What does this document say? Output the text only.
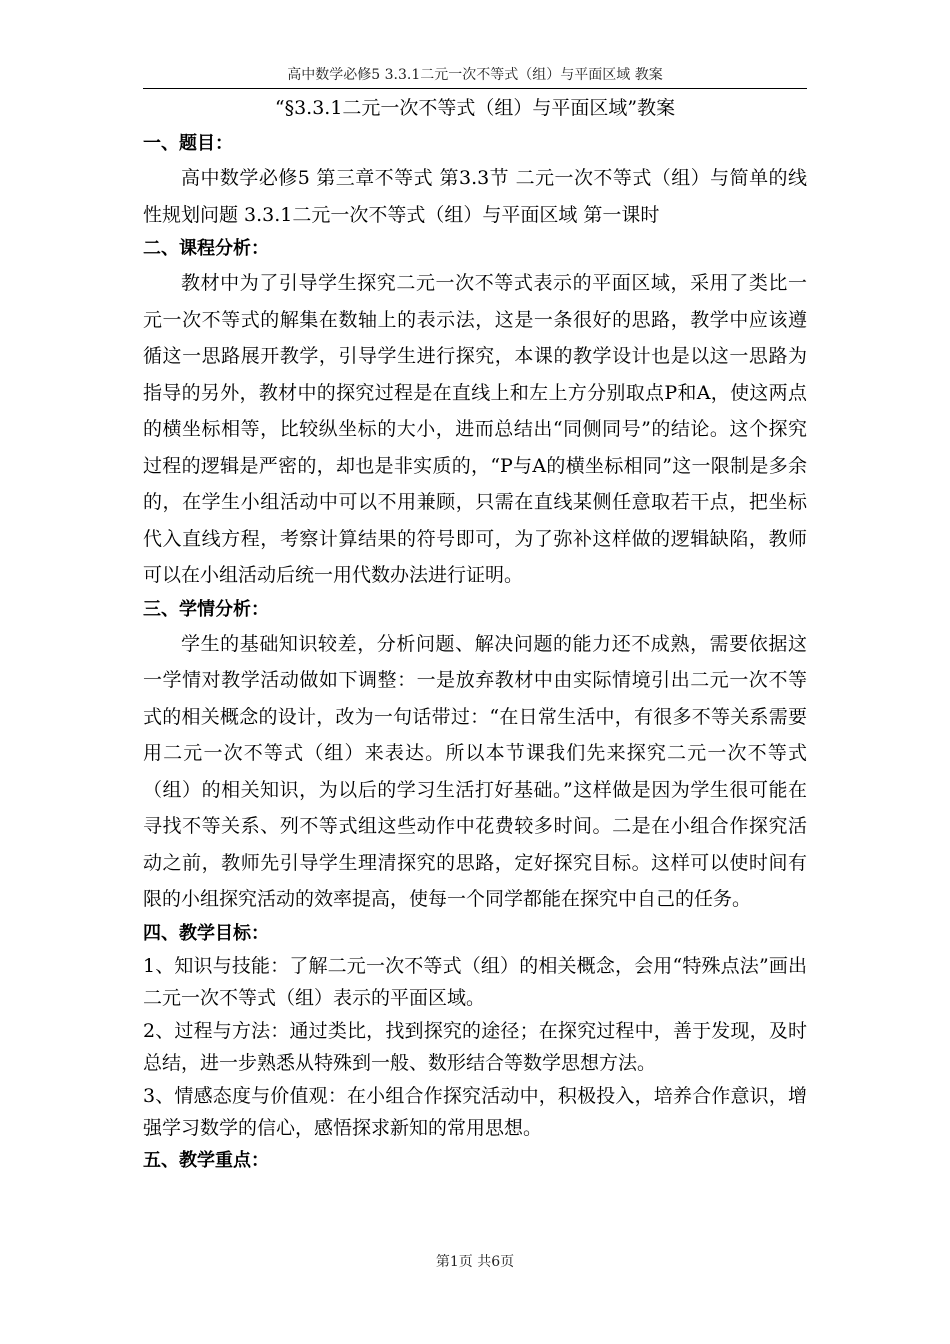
高中数学必修5 3.3.1二元一次不等式（组）与平面区域 教案
“§3.3.1二元一次不等式（组）与平面区域”教案
一、题目：

高中数学必修5 第三章不等式 第3.3节 二元一次不等式（组）与简单的线性规划问题 3.3.1二元一次不等式（组）与平面区域 第一课时

二、课程分析：

教材中为了引导学生探究二元一次不等式表示的平面区域，采用了类比一元一次不等式的解集在数轴上的表示法，这是一条很好的思路，教学中应该遵循这一思路展开教学，引导学生进行探究，本课的教学设计也是以这一思路为指导的另外，教材中的探究过程是在直线上和左上方分别取点P和A，使这两点的横坐标相等，比较纵坐标的大小，进而总结出“同侧同号”的结论。这个探究过程的逻辑是严密的，却也是非实质的，“P与A的横坐标相同”这一限制是多余的，在学生小组活动中可以不用兼顾，只需在直线某侧任意取若干点，把坐标代入直线方程，考察计算结果的符号即可，为了弥补这样做的逻辑缺陷，教师可以在小组活动后统一用代数办法进行证明。

三、学情分析：

学生的基础知识较差，分析问题、解决问题的能力还不成熟，需要依据这一学情对教学活动做如下调整：一是放弃教材中由实际情境引出二元一次不等式的相关概念的设计，改为一句话带过：“在日常生活中，有很多不等关系需要用二元一次不等式（组）来表达。所以本节课我们先来探究二元一次不等式（组）的相关知识，为以后的学习生活打好基础。”这样做是因为学生很可能在寻找不等关系、列不等式组这些动作中花费较多时间。二是在小组合作探究活动之前，教师先引导学生理清探究的思路，定好探究目标。这样可以使时间有限的小组探究活动的效率提高，使每一个同学都能在探究中自己的任务。

四、教学目标：

1、知识与技能：了解二元一次不等式（组）的相关概念，会用“特殊点法”画出二元一次不等式（组）表示的平面区域。

2、过程与方法：通过类比，找到探究的途径；在探究过程中，善于发现，及时总结，进一步熟悉从特殊到一般、数形结合等数学思想方法。

3、情感态度与价值观：在小组合作探究活动中，积极投入，培养合作意识，增强学习数学的信心，感悟探求新知的常用思想。

五、教学重点：
第1页 共6页
